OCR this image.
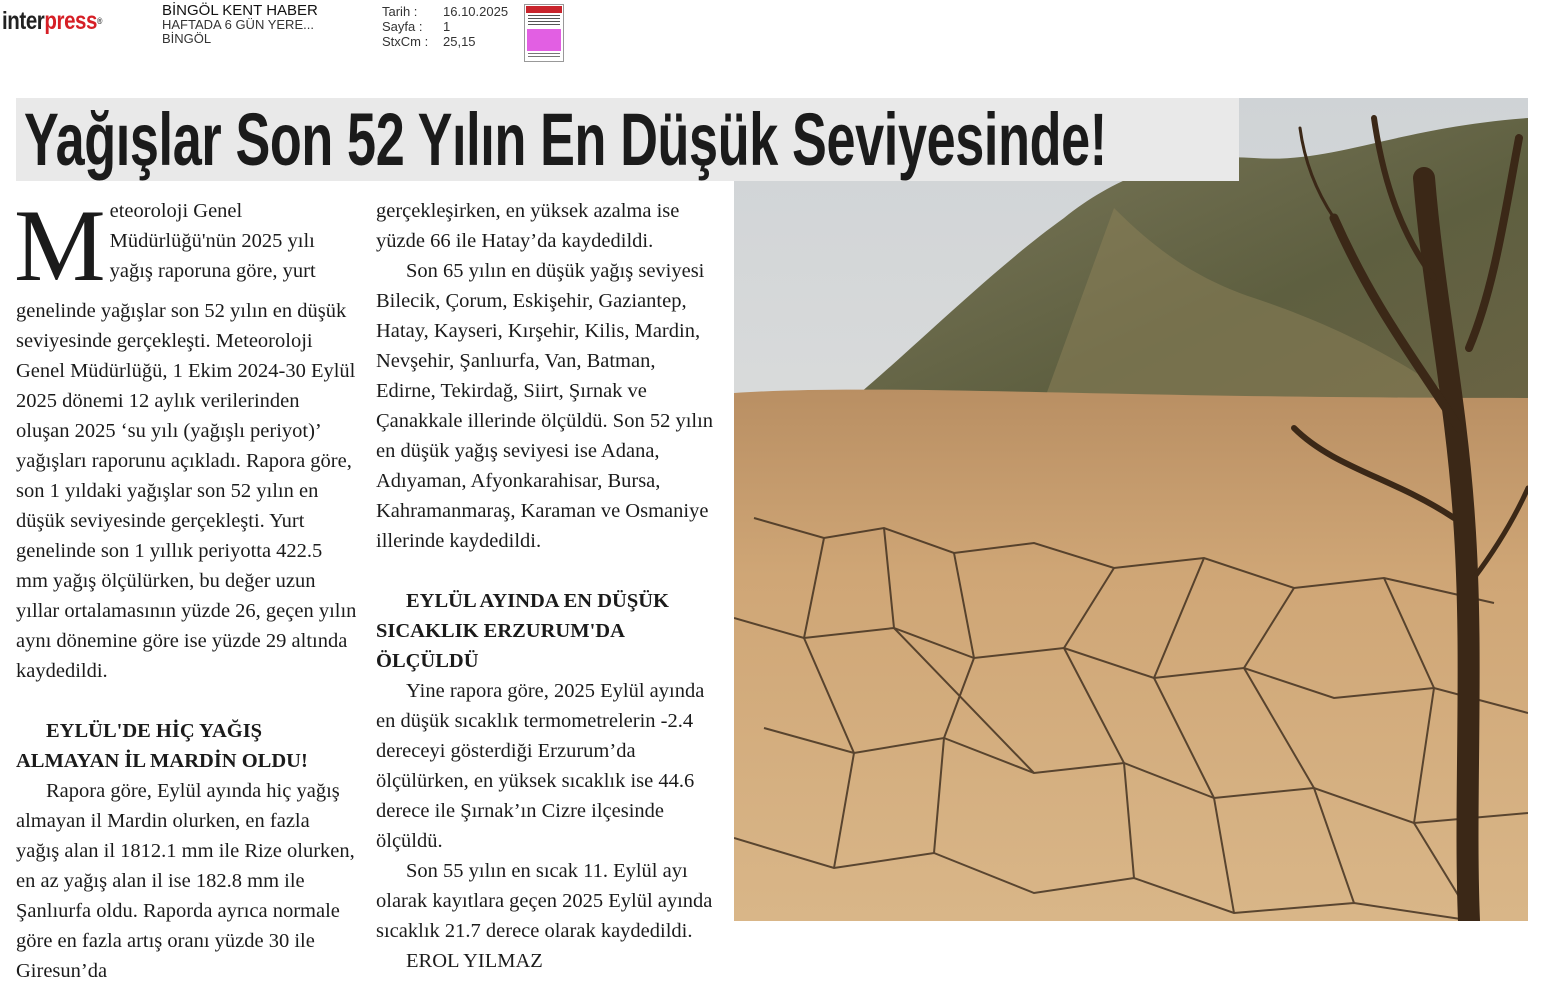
interpress®
BİNGÖL KENT HABER
HAFTADA 6 GÜN YERE...
BİNGÖL
Tarih :	16.10.2025
Sayfa :	1
StxCm :	25,15
Yağışlar Son 52 Yılın En Düşük Seviyesinde!
M eteoroloji Genel
Müdürlüğü'nün 2025 yılı
yağış raporuna göre, yurt

genelinde yağışlar son 52 yılın en düşük seviyesinde gerçekleşti. Meteoroloji Genel Müdürlüğü, 1 Ekim 2024-30 Eylül 2025 dönemi 12 aylık verilerinden oluşan 2025 ‘su yılı (yağışlı periyot)’ yağışları raporunu açıkladı. Rapora göre, son 1 yıldaki yağışlar son 52 yılın en düşük seviyesinde gerçekleşti. Yurt genelinde son 1 yıllık periyotta 422.5 mm yağış ölçülürken, bu değer uzun yıllar ortalamasının yüzde 26, geçen yılın aynı dönemine göre ise yüzde 29 altında kaydedildi.

EYLÜL'DE HİÇ YAĞIŞ ALMAYAN İL MARDİN OLDU!

Rapora göre, Eylül ayında hiç yağış almayan il Mardin olurken, en fazla yağış alan il 1812.1 mm ile Rize olurken, en az yağış alan il ise 182.8 mm ile Şanlıurfa oldu. Raporda ayrıca normale göre en fazla artış oranı yüzde 30 ile Giresun’da

gerçekleşirken, en yüksek azalma ise yüzde 66 ile Hatay’da kaydedildi.

Son 65 yılın en düşük yağış seviyesi Bilecik, Çorum, Eskişehir, Gaziantep, Hatay, Kayseri, Kırşehir, Kilis, Mardin, Nevşehir, Şanlıurfa, Van, Batman, Edirne, Tekirdağ, Siirt, Şırnak ve Çanakkale illerinde ölçüldü. Son 52 yılın en düşük yağış seviyesi ise Adana, Adıyaman, Afyonkarahisar, Bursa, Kahramanmaraş, Karaman ve Osmaniye illerinde kaydedildi.

EYLÜL AYINDA EN DÜŞÜK SICAKLIK ERZURUM'DA ÖLÇÜLDÜ

Yine rapora göre, 2025 Eylül ayında en düşük sıcaklık termometrelerin -2.4 dereceyi gösterdiği Erzurum’da ölçülürken, en yüksek sıcaklık ise 44.6 derece ile Şırnak’ın Cizre ilçesinde ölçüldü.

Son 55 yılın en sıcak 11. Eylül ayı olarak kayıtlara geçen 2025 Eylül ayında sıcaklık 21.7 derece olarak kaydedildi.

EROL YILMAZ
